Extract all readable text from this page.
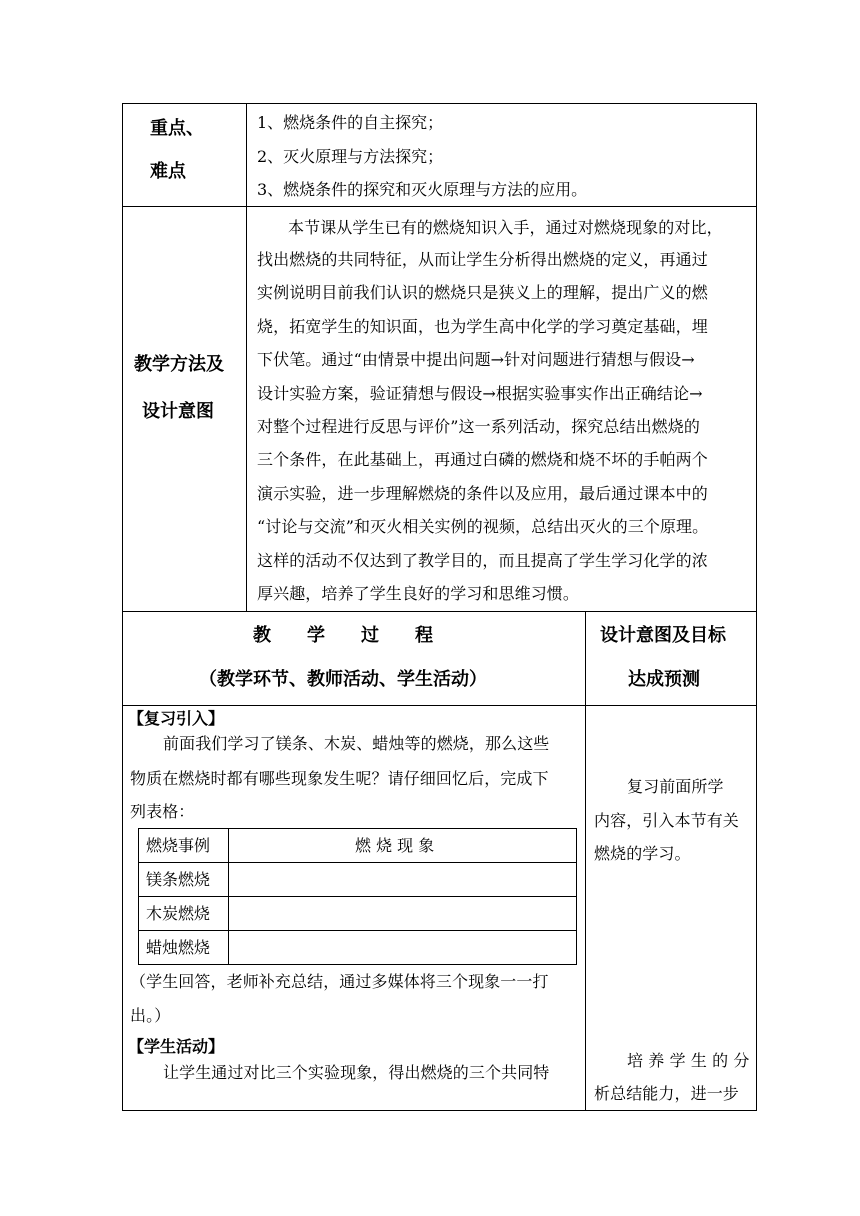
重点、
难点
1、燃烧条件的自主探究；
2、灭火原理与方法探究；
3、燃烧条件的探究和灭火原理与方法的应用。
教学方法及
设计意图
本节课从学生已有的燃烧知识入手，通过对燃烧现象的对比，
找出燃烧的共同特征，从而让学生分析得出燃烧的定义，再通过
实例说明目前我们认识的燃烧只是狭义上的理解，提出广义的燃
烧，拓宽学生的知识面，也为学生高中化学的学习奠定基础，埋
下伏笔。通过“由情景中提出问题→针对问题进行猜想与假设→
设计实验方案，验证猜想与假设→根据实验事实作出正确结论→
对整个过程进行反思与评价”这一系列活动，探究总结出燃烧的
三个条件，在此基础上，再通过白磷的燃烧和烧不坏的手帕两个
演示实验，进一步理解燃烧的条件以及应用，最后通过课本中的
“讨论与交流”和灭火相关实例的视频，总结出灭火的三个原理。
这样的活动不仅达到了教学目的，而且提高了学生学习化学的浓
厚兴趣，培养了学生良好的学习和思维习惯。
教　　学　　过　　程
（教学环节、教师活动、学生活动）
设计意图及目标
达成预测
【复习引入】
前面我们学习了镁条、木炭、蜡烛等的燃烧，那么这些
物质在燃烧时都有哪些现象发生呢？请仔细回忆后，完成下
列表格：
燃烧事例	燃 烧 现 象
镁条燃烧
木炭燃烧
蜡烛燃烧
（学生回答，老师补充总结，通过多媒体将三个现象一一打
出。）
【学生活动】
让学生通过对比三个实验现象，得出燃烧的三个共同特
复习前面所学
内容，引入本节有关
燃烧的学习。
培 养 学 生 的 分
析总结能力，进一步
